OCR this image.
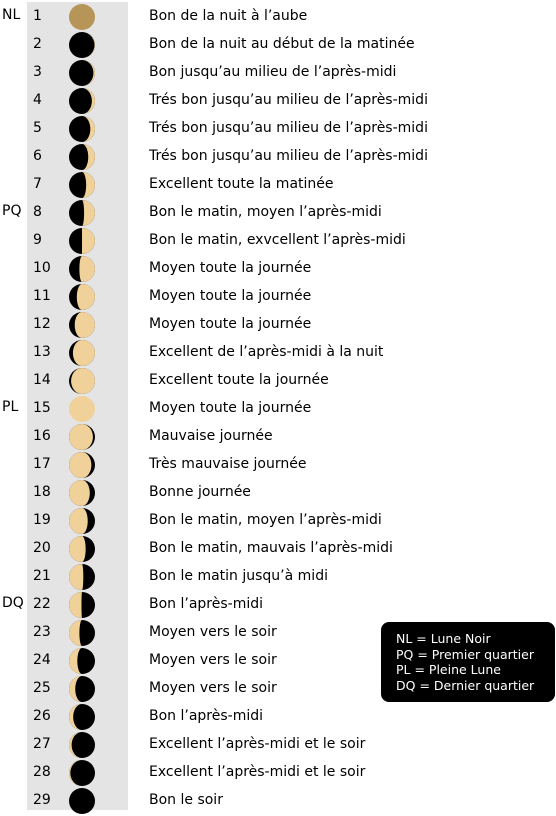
NL 1	Bon de la nuit à l’aube
2	Bon de la nuit au début de la matinée
3	Bon jusqu’au milieu de l’après-midi
4	Trés bon jusqu’au milieu de l’après-midi
5	Trés bon jusqu’au milieu de l’après-midi
6	Trés bon jusqu’au milieu de l’après-midi
7	Excellent toute la matinée
PQ 8	Bon le matin, moyen l’après-midi
9	Bon le matin, exvcellent l’après-midi
10	Moyen toute la journée
11	Moyen toute la journée
12	Moyen toute la journée
13	Excellent de l’après-midi à la nuit
14	Excellent toute la journée
PL 15	Moyen toute la journée
16	Mauvaise journée
17	Très mauvaise journée
18	Bonne journée
19	Bon le matin, moyen l’après-midi
20	Bon le matin, mauvais l’après-midi
21	Bon le matin jusqu’à midi
DQ 22	Bon l’après-midi
23	Moyen vers le soir
24	Moyen vers le soir
25	Moyen vers le soir
26	Bon l’après-midi
27	Excellent l’après-midi et le soir
28	Excellent l’après-midi et le soir
29	Bon le soir
NL = Lune Noir
PQ = Premier quartier
PL = Pleine Lune
DQ = Dernier quartier
